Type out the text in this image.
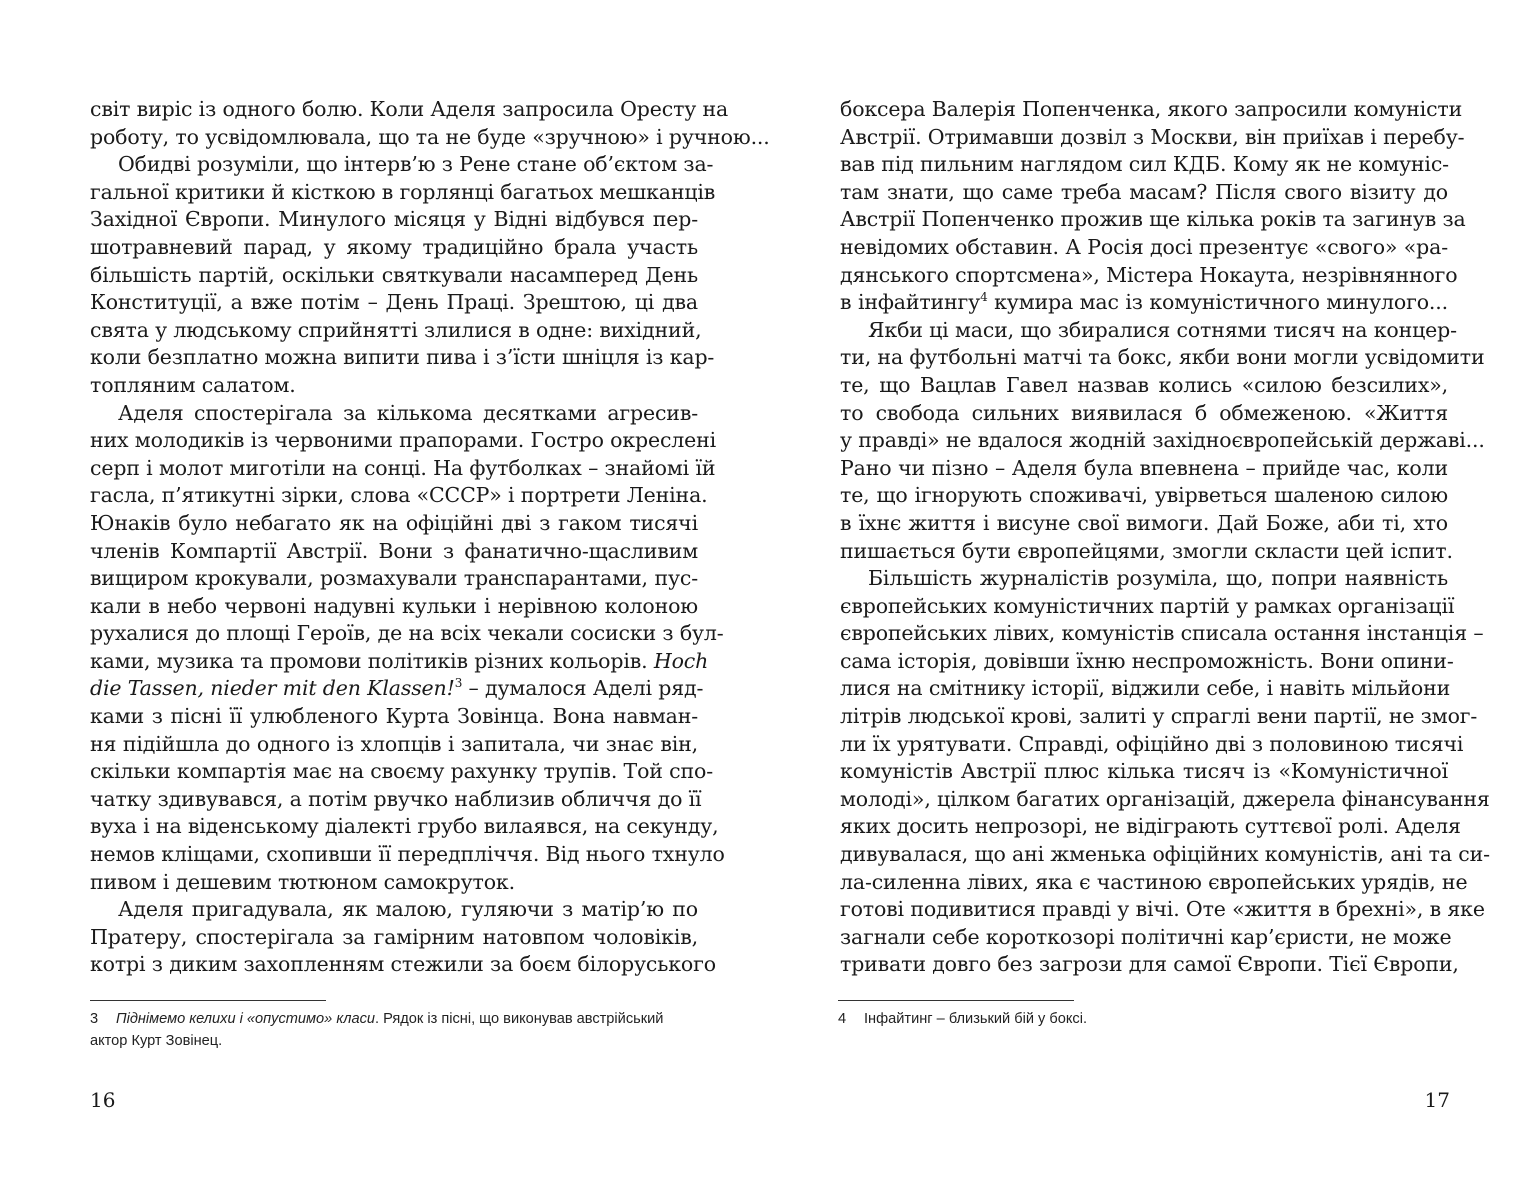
світ виріс із одного болю. Коли Аделя запросила Оресту на
роботу, то усвідомлювала, що та не буде «зручною» і ручною...
Обидві розуміли, що інтерв’ю з Рене стане об’єктом за-
гальної критики й кісткою в горлянці багатьох мешканців
Західної Європи. Минулого місяця у Відні відбувся пер-
шотравневий парад, у якому традиційно брала участь
більшість партій, оскільки святкували насамперед День
Конституції, а вже потім – День Праці. Зрештою, ці два
свята у людському сприйнятті злилися в одне: вихідний,
коли безплатно можна випити пива і з’їсти шніцля із кар-
топляним салатом.
Аделя спостерігала за кількома десятками агресив-
них молодиків із червоними прапорами. Гостро окреслені
серп і молот миготіли на сонці. На футболках – знайомі їй
гасла, п’ятикутні зірки, слова «СССР» і портрети Леніна.
Юнаків було небагато як на офіційні дві з гаком тисячі
членів Компартії Австрії. Вони з фанатично-щасливим
вищиром крокували, розмахували транспарантами, пус-
кали в небо червоні надувні кульки і нерівною колоною
рухалися до площі Героїв, де на всіх чекали сосиски з бул-
ками, музика та промови політиків різних кольорів. Hoch
die Tassen, nieder mit den Klassen!$^3$ – думалося Аделі ряд-
ками з пісні її улюбленого Курта Зовінца. Вона навман-
ня підійшла до одного із хлопців і запитала, чи знає він,
скільки компартія має на своєму рахунку трупів. Той спо-
чатку здивувався, а потім рвучко наблизив обличчя до її
вуха і на віденському діалекті грубо вилаявся, на секунду,
немов кліщами, схопивши її передпліччя. Від нього тхнуло
пивом і дешевим тютюном самокруток.
Аделя пригадувала, як малою, гуляючи з матір’ю по
Пратеру, спостерігала за гамірним натовпом чоловіків,
котрі з диким захопленням стежили за боєм білоруського
3 Піднімемо келихи і «опустимо» класи. Рядок із пісні, що виконував австрійський актор Курт Зовінец.
16
боксера Валерія Попенченка, якого запросили комуністи
Австрії. Отримавши дозвіл з Москви, він приїхав і перебу-
вав під пильним наглядом сил КДБ. Кому як не комуніс-
там знати, що саме треба масам? Після свого візиту до
Австрії Попенченко прожив ще кілька років та загинув за
невідомих обставин. А Росія досі презентує «свого» «ра-
дянського спортсмена», Містера Нокаута, незрівнянного
в інфайтингу$^4$ кумира мас із комуністичного минулого...
Якби ці маси, що збиралися сотнями тисяч на концер-
ти, на футбольні матчі та бокс, якби вони могли усвідомити
те, що Вацлав Гавел назвав колись «силою безсилих»,
то свобода сильних виявилася б обмеженою. «Життя
у правді» не вдалося жодній західноєвропейській державі...
Рано чи пізно – Аделя була впевнена – прийде час, коли
те, що ігнорують споживачі, увірветься шаленою силою
в їхнє життя і висуне свої вимоги. Дай Боже, аби ті, хто
пишається бути європейцями, змогли скласти цей іспит.
Більшість журналістів розуміла, що, попри наявність
європейських комуністичних партій у рамках організації
європейських лівих, комуністів списала остання інстанція –
сама історія, довівши їхню неспроможність. Вони опини-
лися на смітнику історії, віджили себе, і навіть мільйони
літрів людської крові, залиті у спраглі вени партії, не змог-
ли їх урятувати. Справді, офіційно дві з половиною тисячі
комуністів Австрії плюс кілька тисяч із «Комуністичної
молоді», цілком багатих організацій, джерела фінансування
яких досить непрозорі, не відіграють суттєвої ролі. Аделя
дивувалася, що ані жменька офіційних комуністів, ані та си-
ла-силенна лівих, яка є частиною європейських урядів, не
готові подивитися правді у вічі. Оте «життя в брехні», в яке
загнали себе короткозорі політичні кар’єристи, не може
тривати довго без загрози для самої Європи. Тієї Європи,
4 Інфайтинг – близький бій у боксі.
17
